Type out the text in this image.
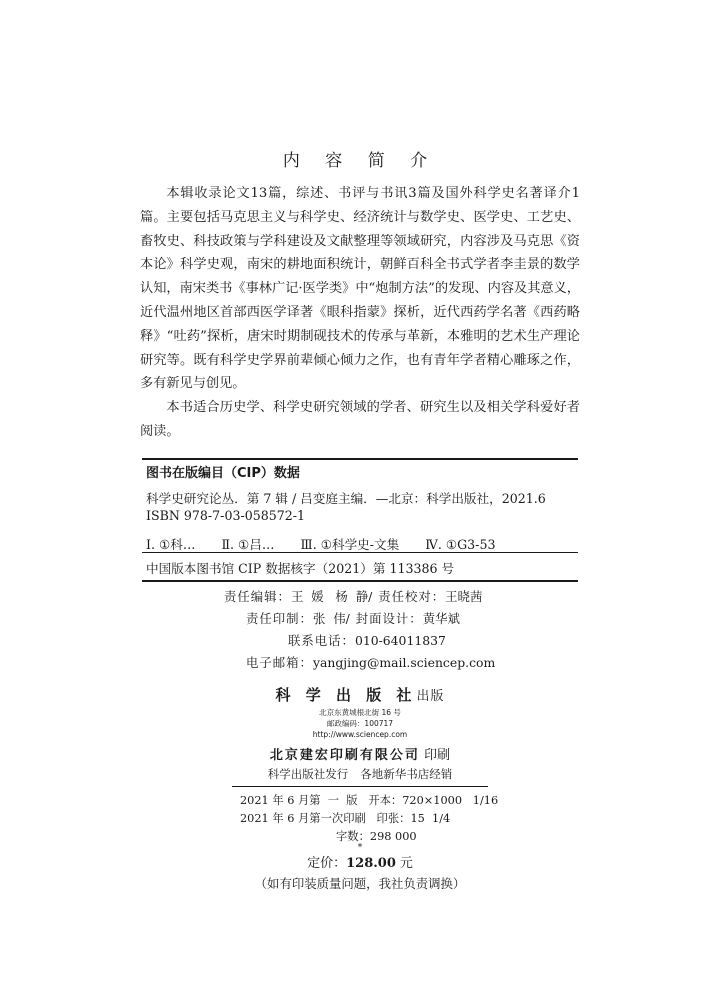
内 容 简 介

本辑收录论文13篇，综述、书评与书讯3篇及国外科学史名著译介1篇。主要包括马克思主义与科学史、经济统计与数学史、医学史、工艺史、畜牧史、科技政策与学科建设及文献整理等领域研究，内容涉及马克思《资本论》科学史观，南宋的耕地面积统计，朝鲜百科全书式学者李圭景的数学认知，南宋类书《事林广记·医学类》中“炮制方法”的发现、内容及其意义，近代温州地区首部西医学译著《眼科指蒙》探析，近代西药学名著《西药略释》“吐药”探析，唐宋时期制砚技术的传承与革新，本雅明的艺术生产理论研究等。既有科学史学界前辈倾心倾力之作，也有青年学者精心雕琢之作，多有新见与创见。

本书适合历史学、科学史研究领域的学者、研究生以及相关学科爱好者阅读。

图书在版编目（CIP）数据
科学史研究论丛．第 7 辑 / 吕变庭主编．—北京：科学出版社，2021.6
ISBN 978-7-03-058572-1
Ⅰ. ①科… Ⅱ. ①吕… Ⅲ. ①科学史-文集 Ⅳ. ①G3-53
中国版本图书馆 CIP 数据核字（2021）第 113386 号
责任编辑：王  媛   杨  静/ 责任校对：王晓茜
责任印制：张  伟/ 封面设计：黄华斌
联系电话：010-64011837
电子邮箱：yangjing@mail.sciencep.com
科 学 出 版 社出版
北京东黄城根北街 16 号
邮政编码：100717
http://www.sciencep.com
北京建宏印刷有限公司 印刷
科学出版社发行 各地新华书店经销
2021 年 6 月第  一  版   开本：720×1000   1/16
2021 年 6 月第一次印刷   印张：15  1/4
字数：298 000
*
定价：128.00 元
（如有印装质量问题，我社负责调换）
